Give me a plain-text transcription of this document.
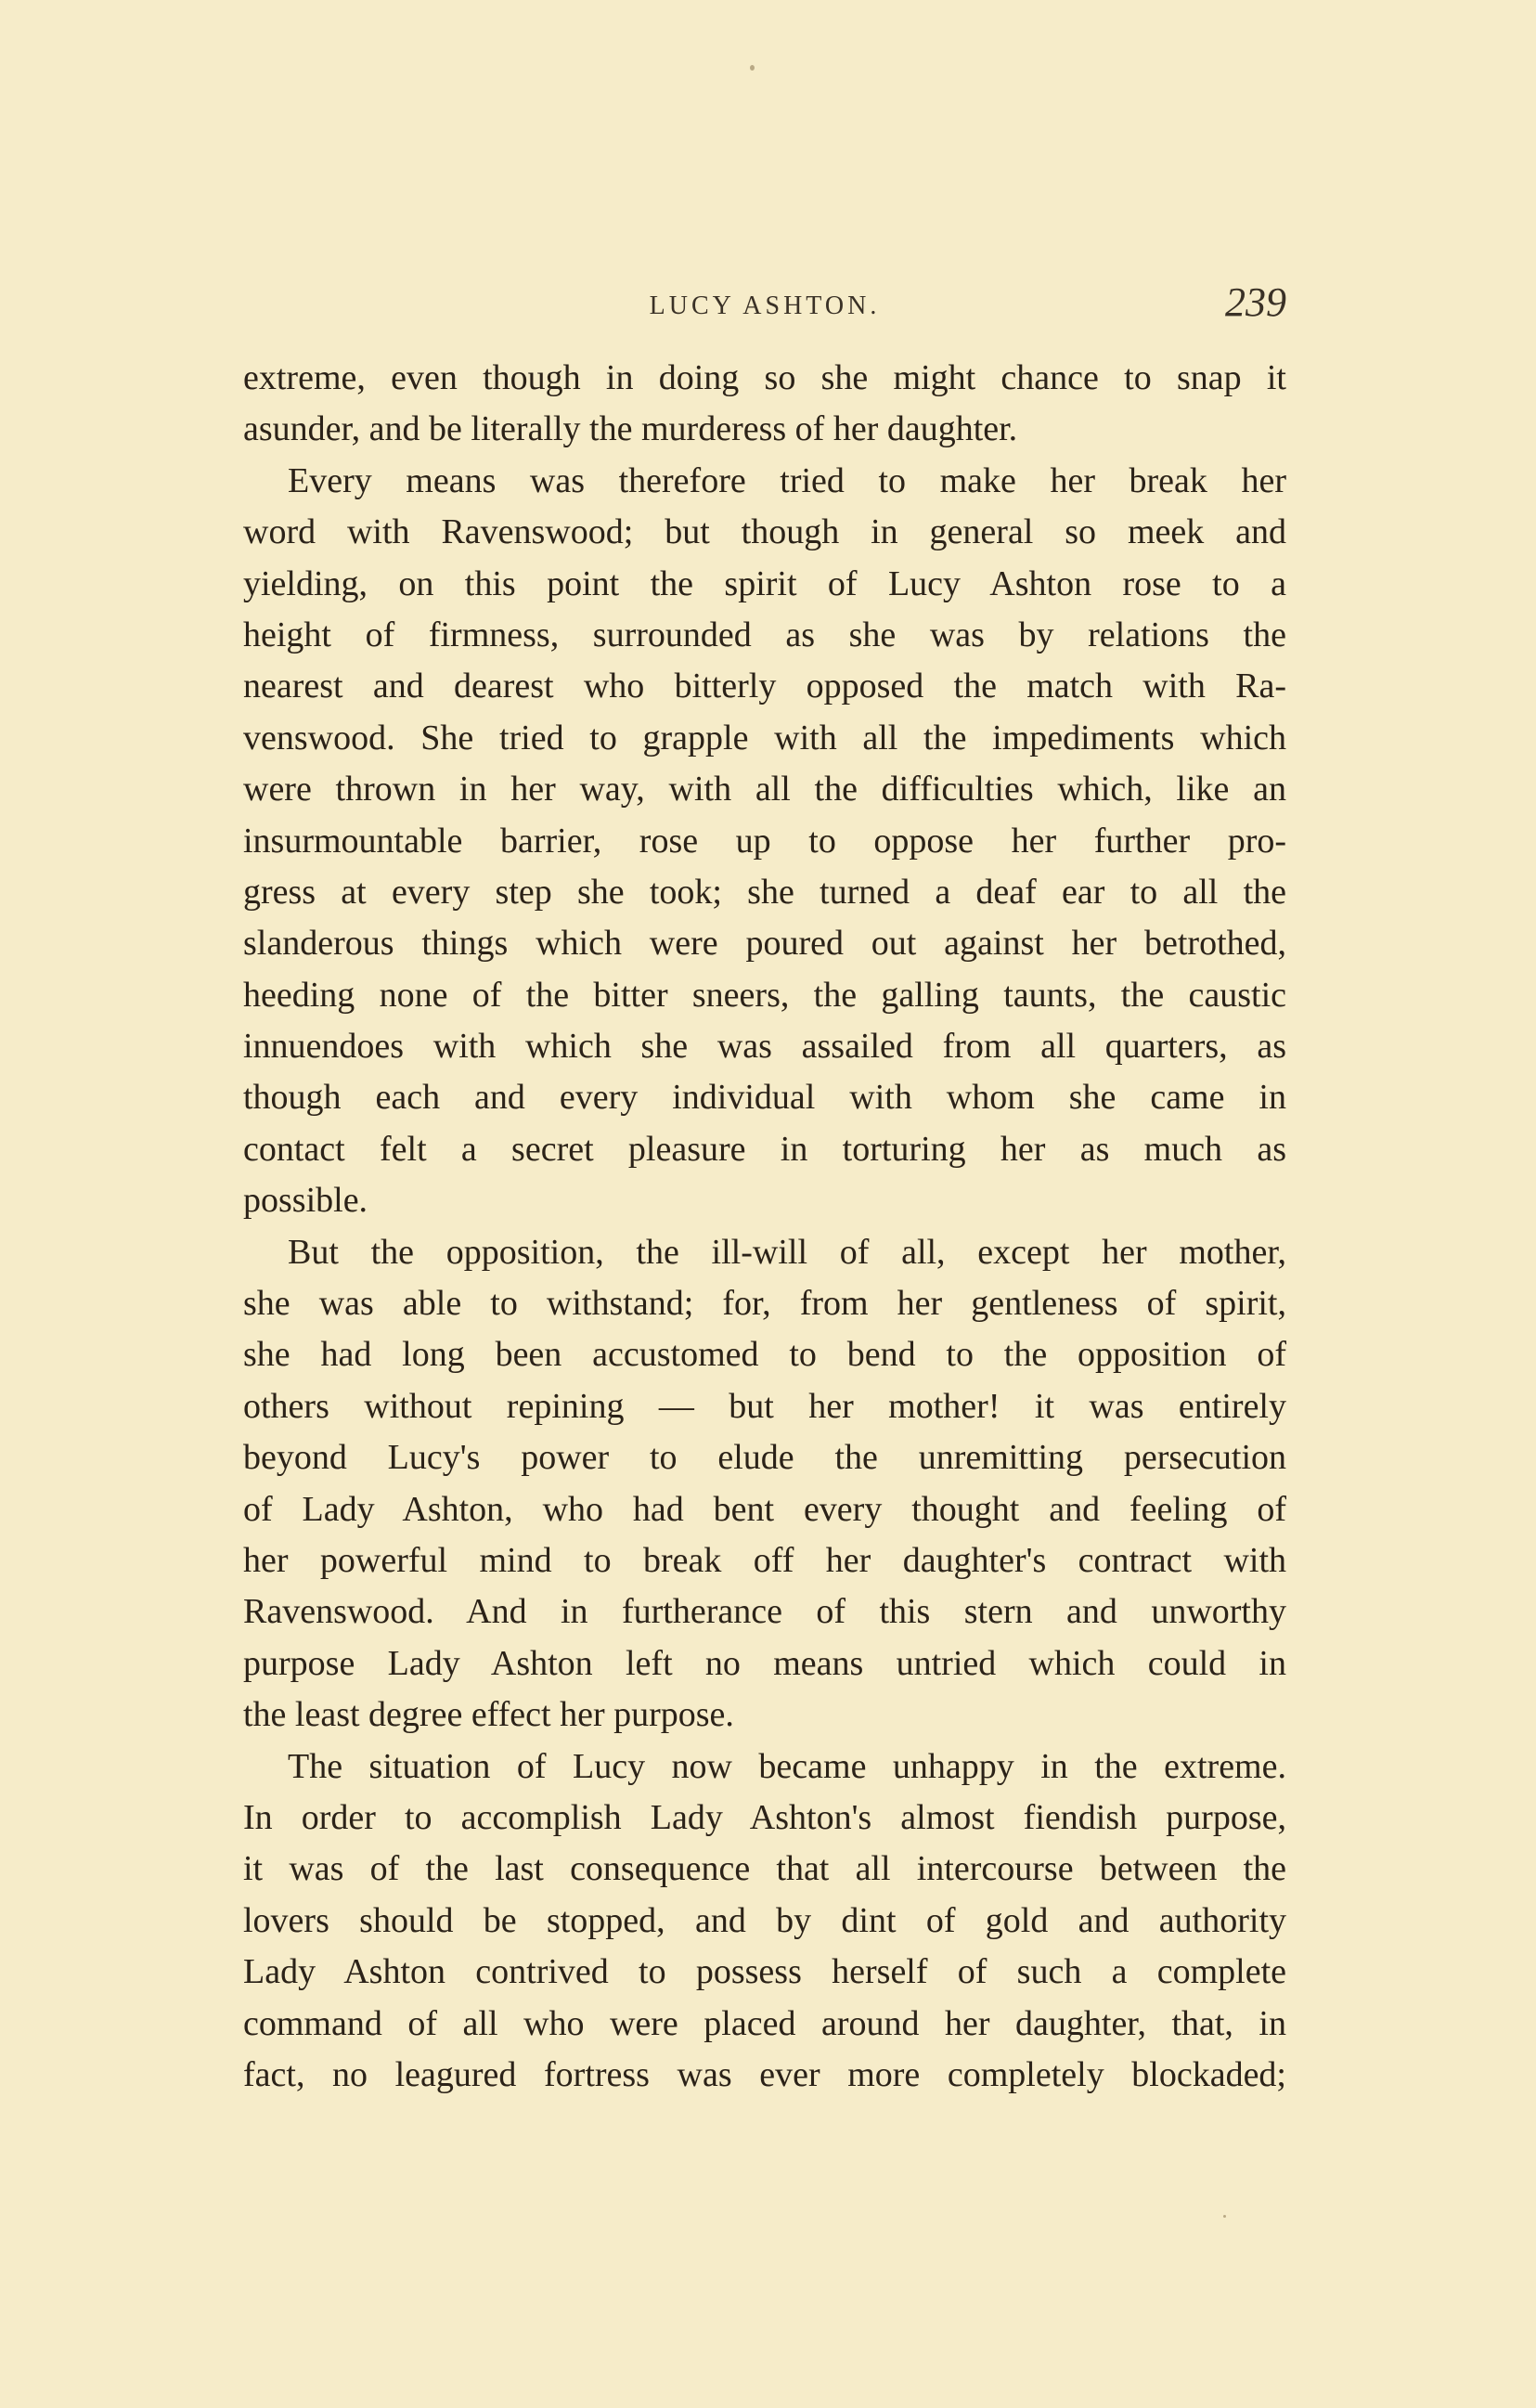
LUCY ASHTON.	239
extreme, even though in doing so she might chance to snap it
asunder, and be literally the murderess of her daughter.
Every means was therefore tried to make her break her
word with Ravenswood; but though in general so meek and
yielding, on this point the spirit of Lucy Ashton rose to a
height of firmness, surrounded as she was by relations the
nearest and dearest who bitterly opposed the match with Ra-
venswood. She tried to grapple with all the impediments which
were thrown in her way, with all the difficulties which, like an
insurmountable barrier, rose up to oppose her further pro-
gress at every step she took; she turned a deaf ear to all the
slanderous things which were poured out against her betrothed,
heeding none of the bitter sneers, the galling taunts, the caustic
innuendoes with which she was assailed from all quarters, as
though each and every individual with whom she came in
contact felt a secret pleasure in torturing her as much as
possible.
But the opposition, the ill-will of all, except her mother,
she was able to withstand; for, from her gentleness of spirit,
she had long been accustomed to bend to the opposition of
others without repining — but her mother! it was entirely
beyond Lucy's power to elude the unremitting persecution
of Lady Ashton, who had bent every thought and feeling of
her powerful mind to break off her daughter's contract with
Ravenswood. And in furtherance of this stern and unworthy
purpose Lady Ashton left no means untried which could in
the least degree effect her purpose.
The situation of Lucy now became unhappy in the extreme.
In order to accomplish Lady Ashton's almost fiendish purpose,
it was of the last consequence that all intercourse between the
lovers should be stopped, and by dint of gold and authority
Lady Ashton contrived to possess herself of such a complete
command of all who were placed around her daughter, that, in
fact, no leagured fortress was ever more completely blockaded;
